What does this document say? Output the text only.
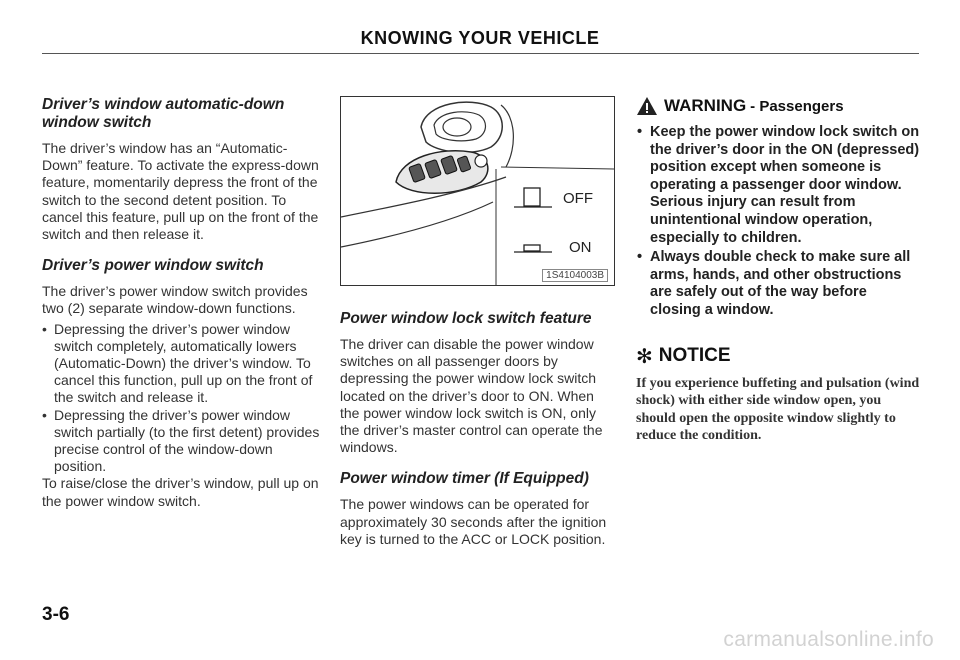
KNOWING YOUR VEHICLE

Driver’s window automatic-down window switch

The driver’s window has an “Automatic-Down” feature. To activate the express-down feature, momentarily depress the front of the switch to the second detent position. To cancel this feature, pull up on the front of the switch and then release it.

Driver’s power window switch

The driver’s power window switch provides two (2) separate window-down functions.

• Depressing the driver’s power window switch completely, automatically lowers (Automatic-Down) the driver’s window. To cancel this function, pull up on the front of the switch and release it.
• Depressing the driver’s power window switch partially (to the first detent) provides precise control of the window-down position.

To raise/close the driver’s window, pull up on the power window switch.

OFF
ON
1S4104003B

Power window lock switch feature

The driver can disable the power window switches on all passenger doors by depressing the power window lock switch located on the driver’s door to ON. When the power window lock switch is ON, only the driver’s master control can operate the windows.

Power window timer (If Equipped)

The power windows can be operated for approximately 30 seconds after the ignition key is turned to the ACC or LOCK position.

WARNING - Passengers
• Keep the power window lock switch on the driver’s door in the ON (depressed) position except when someone is operating a passenger door window. Serious injury can result from unintentional window operation, especially to children.
• Always double check to make sure all arms, hands, and other obstructions are safely out of the way before closing a window.
✻ NOTICE

If you experience buffeting and pulsation (wind shock) with either side window open, you should open the opposite window slightly to reduce the condition.

3-6
carmanualsonline.info
